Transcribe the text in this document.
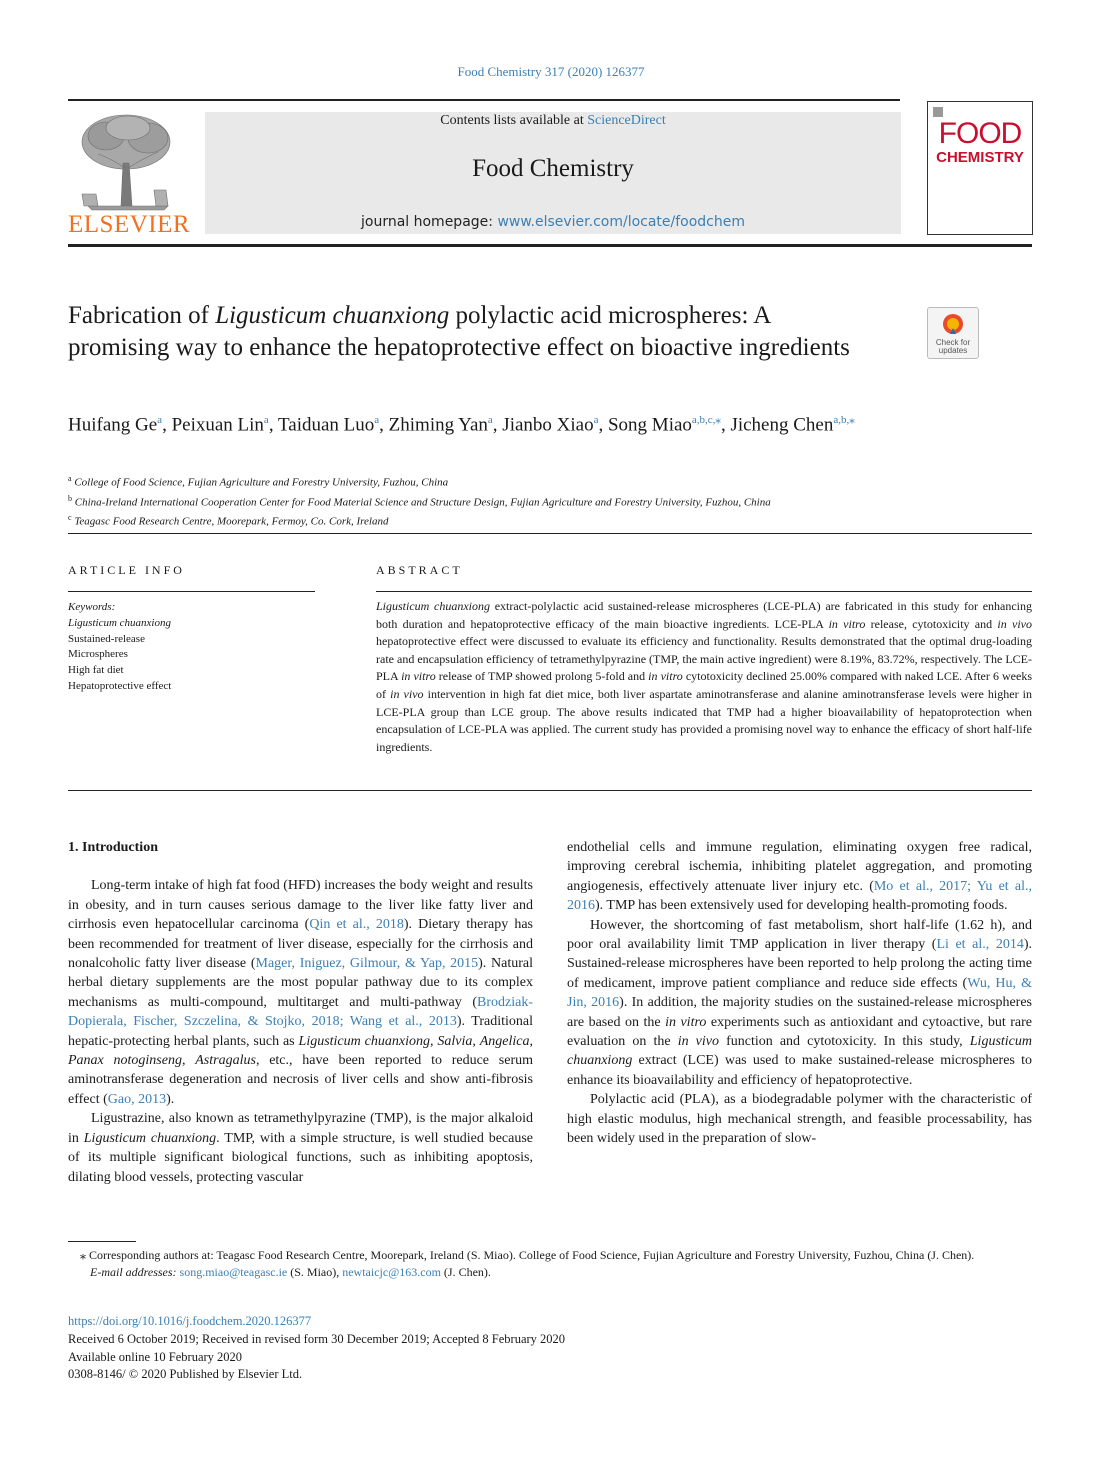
Food Chemistry 317 (2020) 126377
ELSEVIER
Contents lists available at ScienceDirect
Food Chemistry
journal homepage: www.elsevier.com/locate/foodchem
FOOD
CHEMISTRY
Fabrication of Ligusticum chuanxiong polylactic acid microspheres: A promising way to enhance the hepatoprotective effect on bioactive ingredients	Check for updates
Huifang Ge$^a$, Peixuan Lin$^a$, Taiduan Luo$^a$, Zhiming Yan$^a$, Jianbo Xiao$^a$, Song Miao$^{a,b,c,⁎}$, Jicheng Chen$^{a,b,⁎}$
$^a$ College of Food Science, Fujian Agriculture and Forestry University, Fuzhou, China
$^b$ China-Ireland International Cooperation Center for Food Material Science and Structure Design, Fujian Agriculture and Forestry University, Fuzhou, China
$^c$ Teagasc Food Research Centre, Moorepark, Fermoy, Co. Cork, Ireland
ARTICLE INFO	ABSTRACT
Keywords:
Ligusticum chuanxiong
Sustained-release
Microspheres
High fat diet
Hepatoprotective effect
Ligusticum chuanxiong extract-polylactic acid sustained-release microspheres (LCE-PLA) are fabricated in this study for enhancing both duration and hepatoprotective efficacy of the main bioactive ingredients. LCE-PLA in vitro release, cytotoxicity and in vivo hepatoprotective effect were discussed to evaluate its efficiency and functionality. Results demonstrated that the optimal drug-loading rate and encapsulation efficiency of tetramethylpyrazine (TMP, the main active ingredient) were 8.19%, 83.72%, respectively. The LCE-PLA in vitro release of TMP showed prolong 5-fold and in vitro cytotoxicity declined 25.00% compared with naked LCE. After 6 weeks of in vivo intervention in high fat diet mice, both liver aspartate aminotransferase and alanine aminotransferase levels were higher in LCE-PLA group than LCE group. The above results indicated that TMP had a higher bioavailability of hepatoprotection when encapsulation of LCE-PLA was applied. The current study has provided a promising novel way to enhance the efficacy of short half-life ingredients.

1. Introduction

Long-term intake of high fat food (HFD) increases the body weight and results in obesity, and in turn causes serious damage to the liver like fatty liver and cirrhosis even hepatocellular carcinoma (Qin et al., 2018). Dietary therapy has been recommended for treatment of liver disease, especially for the cirrhosis and nonalcoholic fatty liver disease (Mager, Iniguez, Gilmour, & Yap, 2015). Natural herbal dietary supplements are the most popular pathway due to its complex mechanisms as multi-compound, multitarget and multi-pathway (Brodziak-Dopierala, Fischer, Szczelina, & Stojko, 2018; Wang et al., 2013). Traditional hepatic-protecting herbal plants, such as Ligusticum chuanxiong, Salvia, Angelica, Panax notoginseng, Astragalus, etc., have been reported to reduce serum aminotransferase degeneration and necrosis of liver cells and show anti-fibrosis effect (Gao, 2013).

Ligustrazine, also known as tetramethylpyrazine (TMP), is the major alkaloid in Ligusticum chuanxiong. TMP, with a simple structure, is well studied because of its multiple significant biological functions, such as inhibiting apoptosis, dilating blood vessels, protecting vascular

endothelial cells and immune regulation, eliminating oxygen free radical, improving cerebral ischemia, inhibiting platelet aggregation, and promoting angiogenesis, effectively attenuate liver injury etc. (Mo et al., 2017; Yu et al., 2016). TMP has been extensively used for developing health-promoting foods.

However, the shortcoming of fast metabolism, short half-life (1.62 h), and poor oral availability limit TMP application in liver therapy (Li et al., 2014). Sustained-release microspheres have been reported to help prolong the acting time of medicament, improve patient compliance and reduce side effects (Wu, Hu, & Jin, 2016). In addition, the majority studies on the sustained-release microspheres are based on the in vitro experiments such as antioxidant and cytoactive, but rare evaluation on the in vivo function and cytotoxicity. In this study, Ligusticum chuanxiong extract (LCE) was used to make sustained-release microspheres to enhance its bioavailability and efficiency of hepatoprotective.

Polylactic acid (PLA), as a biodegradable polymer with the characteristic of high elastic modulus, high mechanical strength, and feasible processability, has been widely used in the preparation of slow-

⁎ Corresponding authors at: Teagasc Food Research Centre, Moorepark, Ireland (S. Miao). College of Food Science, Fujian Agriculture and Forestry University, Fuzhou, China (J. Chen).

E-mail addresses: song.miao@teagasc.ie (S. Miao), newtaicjc@163.com (J. Chen).

https://doi.org/10.1016/j.foodchem.2020.126377

Received 6 October 2019; Received in revised form 30 December 2019; Accepted 8 February 2020

Available online 10 February 2020

0308-8146/ © 2020 Published by Elsevier Ltd.
